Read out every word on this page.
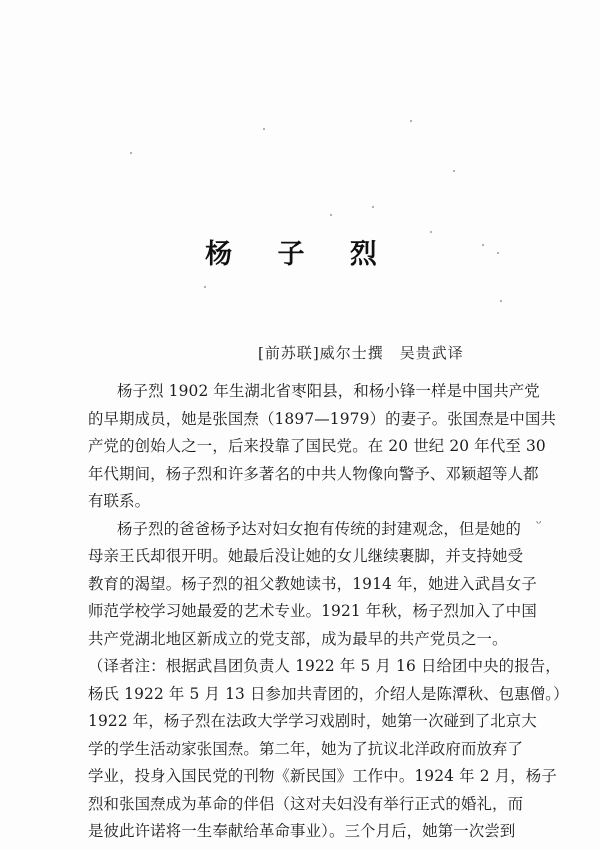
杨 子 烈
[前苏联]威尔士撰　吴贵武译
ᵕ
杨子烈 1902 年生湖北省枣阳县，和杨小锋一样是中国共产党
的早期成员，她是张国焘（1897—1979）的妻子。张国焘是中国共
产党的创始人之一，后来投靠了国民党。在 20 世纪 20 年代至 30
年代期间，杨子烈和许多著名的中共人物像向警予、邓颖超等人都
有联系。
杨子烈的爸爸杨予达对妇女抱有传统的封建观念，但是她的
母亲王氏却很开明。她最后没让她的女儿继续裹脚，并支持她受
教育的渴望。杨子烈的祖父教她读书，1914 年，她进入武昌女子
师范学校学习她最爱的艺术专业。1921 年秋，杨子烈加入了中国
共产党湖北地区新成立的党支部，成为最早的共产党员之一。
（译者注：根据武昌团负责人 1922 年 5 月 16 日给团中央的报告，
杨氏 1922 年 5 月 13 日参加共青团的，介绍人是陈潭秋、包惠僧。）
1922 年，杨子烈在法政大学学习戏剧时，她第一次碰到了北京大
学的学生活动家张国焘。第二年，她为了抗议北洋政府而放弃了
学业，投身入国民党的刊物《新民国》工作中。1924 年 2 月，杨子
烈和张国焘成为革命的伴侣（这对夫妇没有举行正式的婚礼，而
是彼此许诺将一生奉献给革命事业）。三个月后，她第一次尝到
